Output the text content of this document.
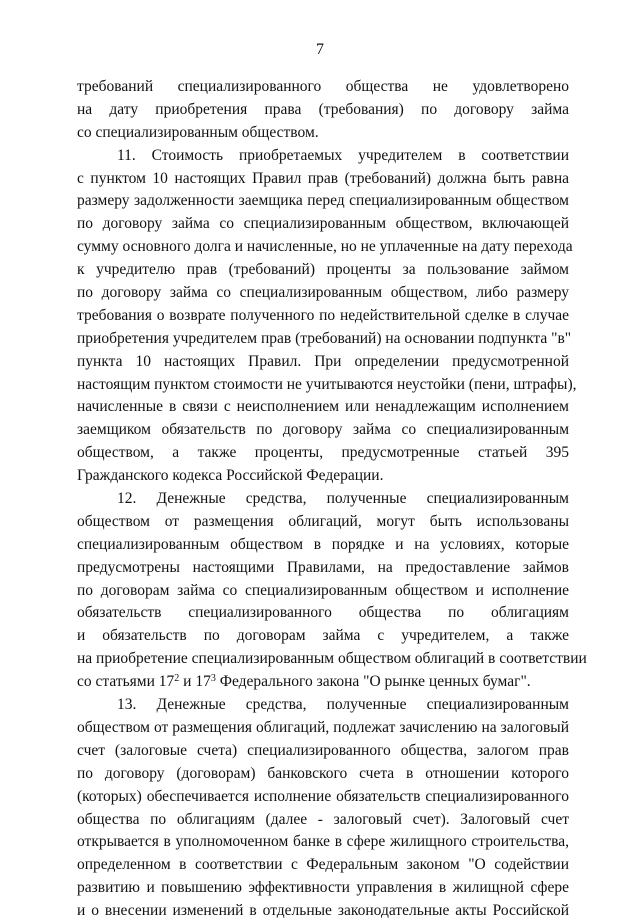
7
требований специализированного общества не удовлетворено
на дату приобретения права (требования) по договору займа
со специализированным обществом.
11. Стоимость приобретаемых учредителем в соответствии
с пунктом 10 настоящих Правил прав (требований) должна быть равна
размеру задолженности заемщика перед специализированным обществом
по договору займа со специализированным обществом, включающей
сумму основного долга и начисленные, но не уплаченные на дату перехода
к учредителю прав (требований) проценты за пользование займом
по договору займа со специализированным обществом, либо размеру
требования о возврате полученного по недействительной сделке в случае
приобретения учредителем прав (требований) на основании подпункта "в"
пункта 10 настоящих Правил. При определении предусмотренной
настоящим пунктом стоимости не учитываются неустойки (пени, штрафы),
начисленные в связи с неисполнением или ненадлежащим исполнением
заемщиком обязательств по договору займа со специализированным
обществом, а также проценты, предусмотренные статьей 395
Гражданского кодекса Российской Федерации.
12. Денежные средства, полученные специализированным
обществом от размещения облигаций, могут быть использованы
специализированным обществом в порядке и на условиях, которые
предусмотрены настоящими Правилами, на предоставление займов
по договорам займа со специализированным обществом и исполнение
обязательств специализированного общества по облигациям
и обязательств по договорам займа с учредителем, а также
на приобретение специализированным обществом облигаций в соответствии
со статьями $17^2$ и $17^3$ Федерального закона "О рынке ценных бумаг".
13. Денежные средства, полученные специализированным
обществом от размещения облигаций, подлежат зачислению на залоговый
счет (залоговые счета) специализированного общества, залогом прав
по договору (договорам) банковского счета в отношении которого
(которых) обеспечивается исполнение обязательств специализированного
общества по облигациям (далее - залоговый счет). Залоговый счет
открывается в уполномоченном банке в сфере жилищного строительства,
определенном в соответствии с Федеральным законом "О содействии
развитию и повышению эффективности управления в жилищной сфере
и о внесении изменений в отдельные законодательные акты Российской
